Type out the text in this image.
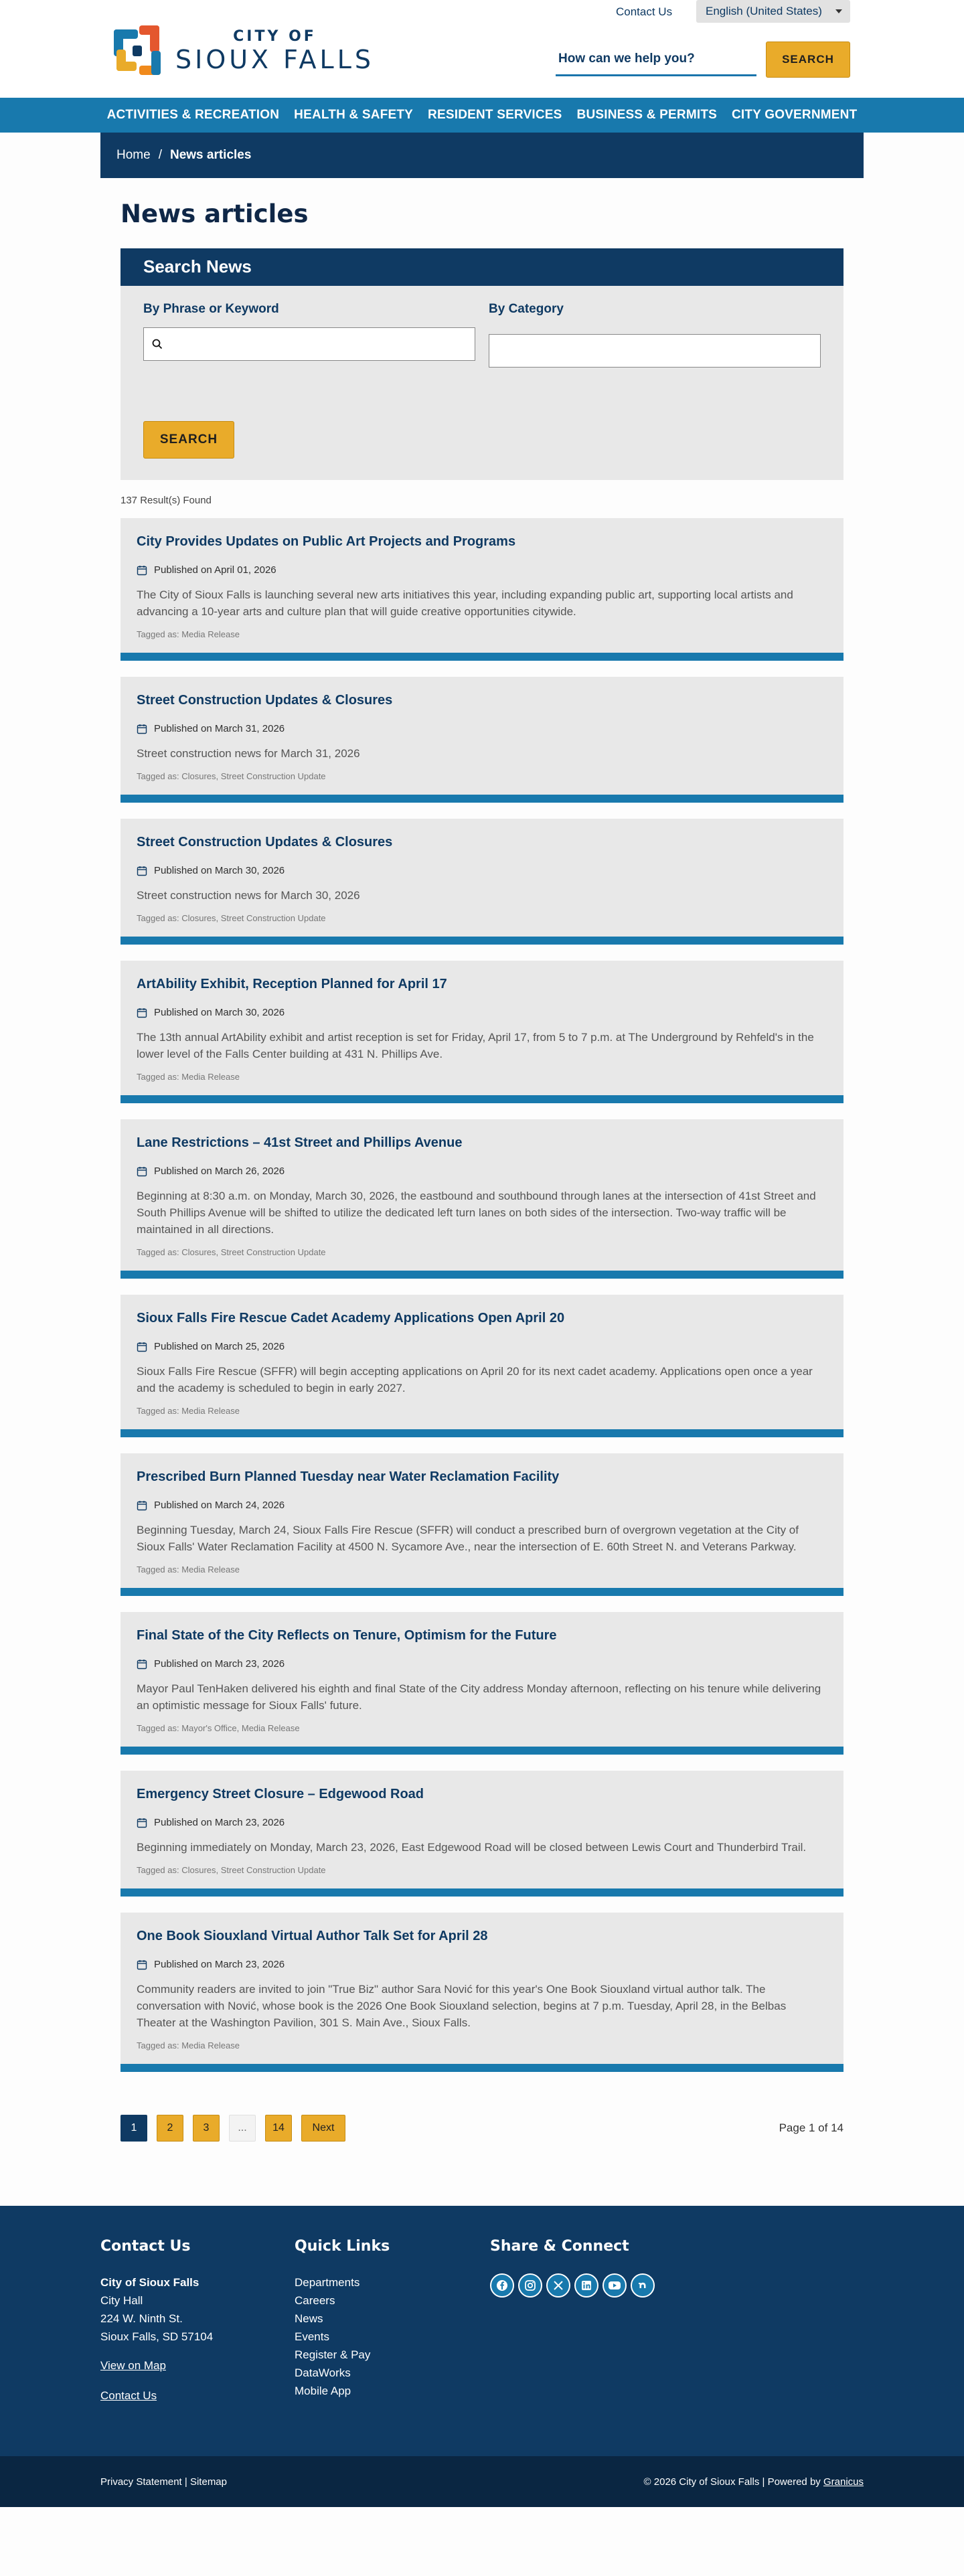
CITY OF
SIOUX FALLS
Contact Us	English (United States)
How can we help you?
SEARCH
ACTIVITIES & RECREATION HEALTH & SAFETY RESIDENT SERVICES BUSINESS & PERMITS CITY GOVERNMENT
Home / News articles
News articles
Search News
By Phrase or Keyword	By Category
SEARCH
137 Result(s) Found
City Provides Updates on Public Art Projects and Programs
Published on April 01, 2026
The City of Sioux Falls is launching several new arts initiatives this year, including expanding public art, supporting local artists and advancing a 10-year arts and culture plan that will guide creative opportunities citywide.
Tagged as: Media Release
Street Construction Updates & Closures
Published on March 31, 2026
Street construction news for March 31, 2026
Tagged as: Closures, Street Construction Update
Street Construction Updates & Closures
Published on March 30, 2026
Street construction news for March 30, 2026
Tagged as: Closures, Street Construction Update
ArtAbility Exhibit, Reception Planned for April 17
Published on March 30, 2026
The 13th annual ArtAbility exhibit and artist reception is set for Friday, April 17, from 5 to 7 p.m. at The Underground by Rehfeld's in the lower level of the Falls Center building at 431 N. Phillips Ave.
Tagged as: Media Release
Lane Restrictions – 41st Street and Phillips Avenue
Published on March 26, 2026
Beginning at 8:30 a.m. on Monday, March 30, 2026, the eastbound and southbound through lanes at the intersection of 41st Street and South Phillips Avenue will be shifted to utilize the dedicated left turn lanes on both sides of the intersection. Two-way traffic will be maintained in all directions.
Tagged as: Closures, Street Construction Update
Sioux Falls Fire Rescue Cadet Academy Applications Open April 20
Published on March 25, 2026
Sioux Falls Fire Rescue (SFFR) will begin accepting applications on April 20 for its next cadet academy. Applications open once a year and the academy is scheduled to begin in early 2027.
Tagged as: Media Release
Prescribed Burn Planned Tuesday near Water Reclamation Facility
Published on March 24, 2026
Beginning Tuesday, March 24, Sioux Falls Fire Rescue (SFFR) will conduct a prescribed burn of overgrown vegetation at the City of Sioux Falls' Water Reclamation Facility at 4500 N. Sycamore Ave., near the intersection of E. 60th Street N. and Veterans Parkway.
Tagged as: Media Release
Final State of the City Reflects on Tenure, Optimism for the Future
Published on March 23, 2026
Mayor Paul TenHaken delivered his eighth and final State of the City address Monday afternoon, reflecting on his tenure while delivering an optimistic message for Sioux Falls' future.
Tagged as: Mayor's Office, Media Release
Emergency Street Closure – Edgewood Road
Published on March 23, 2026
Beginning immediately on Monday, March 23, 2026, East Edgewood Road will be closed between Lewis Court and Thunderbird Trail.
Tagged as: Closures, Street Construction Update
One Book Siouxland Virtual Author Talk Set for April 28
Published on March 23, 2026
Community readers are invited to join "True Biz" author Sara Nović for this year's One Book Siouxland virtual author talk. The conversation with Nović, whose book is the 2026 One Book Siouxland selection, begins at 7 p.m. Tuesday, April 28, in the Belbas Theater at the Washington Pavilion, 301 S. Main Ave., Sioux Falls.
Tagged as: Media Release
1	2	3	...	14	Next	Page 1 of 14
Contact Us
City of Sioux Falls
City Hall
224 W. Ninth St.
Sioux Falls, SD 57104
View on Map
Contact Us
Quick Links
Departments
Careers
News
Events
Register & Pay
DataWorks
Mobile App
Share & Connect
Privacy Statement | Sitemap	© 2026 City of Sioux Falls | Powered by Granicus
